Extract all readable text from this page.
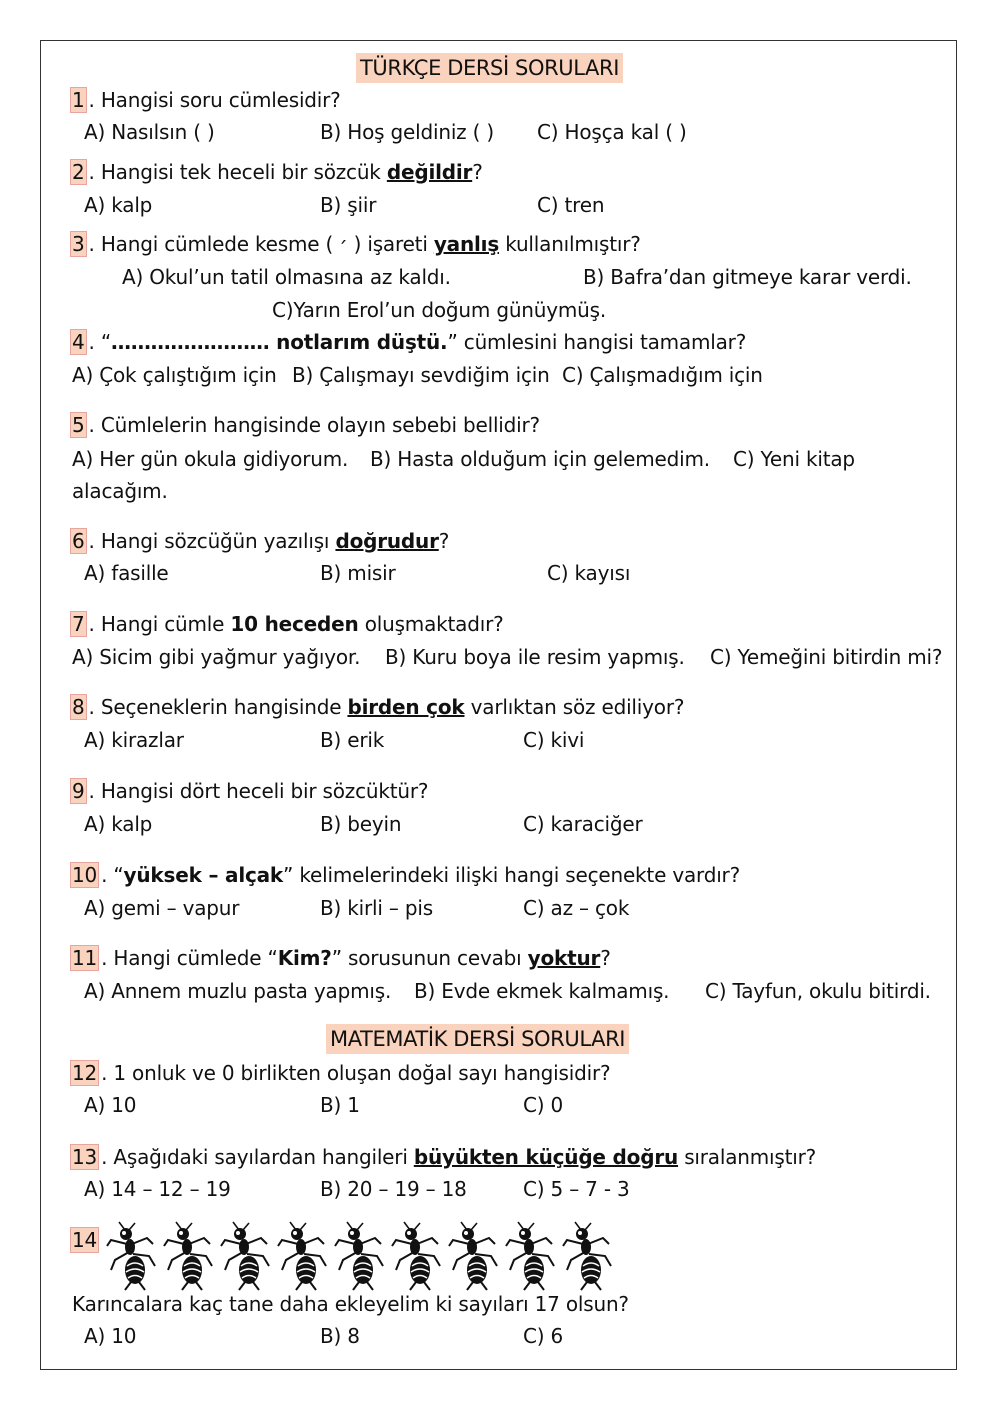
TÜRKÇE DERSİ SORULARI
1 . Hangisi soru cümlesidir?
A) Nasılsın ( )	B) Hoş geldiniz ( ) C) Hoşça kal ( )
2 . Hangisi tek heceli bir sözcük değildir?
A) kalp	B) şiir	C) tren
3 . Hangi cümlede kesme ( ׳ ) işareti yanlış kullanılmıştır?
A) Okul’un tatil olmasına az kaldı.	B) Bafra’dan gitmeye karar verdi.
C)Yarın Erol’un doğum günüymüş.
4 . “…………………… notlarım düştü.” cümlesini hangisi tamamlar?
A) Çok çalıştığım için B) Çalışmayı sevdiğim için C) Çalışmadığım için
5 . Cümlelerin hangisinde olayın sebebi bellidir?
A) Her gün okula gidiyorum. B) Hasta olduğum için gelemedim. C) Yeni kitap
alacağım.
6 . Hangi sözcüğün yazılışı doğrudur?
A) fasille	B) misir	C) kayısı
7 . Hangi cümle 10 heceden oluşmaktadır?
A) Sicim gibi yağmur yağıyor. B) Kuru boya ile resim yapmış. C) Yemeğini bitirdin mi?
8 . Seçeneklerin hangisinde birden çok varlıktan söz ediliyor?
A) kirazlar	B) erik	C) kivi
9 . Hangisi dört heceli bir sözcüktür?
A) kalp	B) beyin	C) karaciğer
10 . “yüksek – alçak” kelimelerindeki ilişki hangi seçenekte vardır?
A) gemi – vapur	B) kirli – pis	C) az – çok
11 . Hangi cümlede “Kim?” sorusunun cevabı yoktur?
A) Annem muzlu pasta yapmış. B) Evde ekmek kalmamış. C) Tayfun, okulu bitirdi.
MATEMATİK DERSİ SORULARI
12 . 1 onluk ve 0 birlikten oluşan doğal sayı hangisidir?
A) 10	B) 1	C) 0
13 . Aşağıdaki sayılardan hangileri büyükten küçüğe doğru sıralanmıştır?
A) 14 – 12 – 19	B) 20 – 19 – 18	C) 5 – 7 - 3
14
Karıncalara kaç tane daha ekleyelim ki sayıları 17 olsun?
A) 10	B) 8	C) 6
